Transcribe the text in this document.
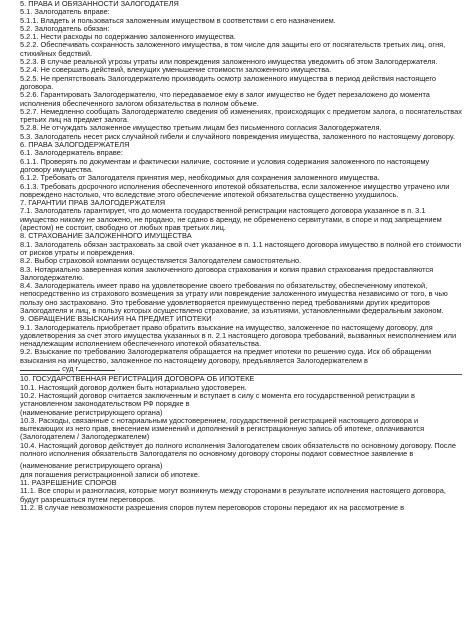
5. ПРАВА И ОБЯЗАННОСТИ ЗАЛОГОДАТЕЛЯ

5.1. Залогодатель вправе:

5.1.1. Владеть и пользоваться заложенным имуществом в соответствии с его назначением.

5.2. Залогодатель обязан:

5.2.1. Нести расходы по содержанию заложенного имущества.

5.2.2. Обеспечивать сохранность заложенного имущества, в том числе для защиты его от посягательств третьих лиц, огня, стихийных бедствий.

5.2.3. В случае реальной угрозы утраты или повреждения заложенного имущества уведомить об этом Залогодержателя.

5.2.4. Не совершать действий, влекущих уменьшение стоимости заложенного имущества.

5.2.5. Не препятствовать Залогодержателю производить осмотр заложенного имущества в период действия настоящего договора.

5.2.6. Гарантировать Залогодержателю, что передаваемое ему в залог имущество не будет перезаложено до момента исполнения обеспеченного залогом обязательства в полном объеме.

5.2.7. Немедленно сообщать Залогодержателю сведения об изменениях, происходящих с предметом залога, о посягательствах третьих лиц на предмет залога.

5.2.8. Не отчуждать заложенное имущество третьим лицам без письменного согласия Залогодержателя.

5.3. Залогодатель несет риск случайной гибели и случайного повреждения имущества, заложенного по настоящему договору.

6. ПРАВА ЗАЛОГОДЕРЖАТЕЛЯ

6.1. Залогодержатель вправе:

6.1.1. Проверять по документам и фактически наличие, состояние и условия содержания заложенного по настоящему договору имущества.

6.1.2. Требовать от Залогодателя принятия мер, необходимых для сохранения заложенного имущества.

6.1.3. Требовать досрочного исполнения обеспеченного ипотекой обязательства, если заложенное имущество утрачено или повреждено настолько, что вследствие этого обеспечение ипотекой обязательства существенно ухудшилось.

7. ГАРАНТИИ ПРАВ ЗАЛОГОДЕРЖАТЕЛЯ

7.1. Залогодатель гарантирует, что до момента государственной регистрации настоящего договора указанное в п. 3.1 имущество никому не заложено, не продано, не сдано в аренду, не обременено сервитутами, в споре и под запрещением (арестом) не состоит, свободно от любых прав третьих лиц.

8. СТРАХОВАНИЕ ЗАЛОЖЕННОГО ИМУЩЕСТВА

8.1. Залогодатель обязан застраховать за свой счет указанное в п. 1.1 настоящего договора имущество в полной его стоимости от рисков утраты и повреждения.

8.2. Выбор страховой компании осуществляется Залогодателем самостоятельно.

8.3. Нотариально заверенная копия заключенного договора страхования и копия правил страхования предоставляются Залогодержателю.

8.4. Залогодержатель имеет право на удовлетворение своего требования по обязательству, обеспеченному ипотекой, непосредственно из страхового возмещения за утрату или повреждение заложенного имущества независимо от того, в чью пользу оно застраховано. Это требование удовлетворяется преимущественно перед требованиями других кредиторов Залогодателя и лиц, в пользу которых осуществлено страхование, за изъятиями, установленными федеральным законом.

9. ОБРАЩЕНИЕ ВЗЫСКАНИЯ НА ПРЕДМЕТ ИПОТЕКИ

9.1. Залогодержатель приобретает право обратить взыскание на имущество, заложенное по настоящему договору, для удовлетворения за счет этого имущества указанных в п. 2.1 настоящего договора требований, вызванных неисполнением или ненадлежащим исполнением обеспеченного ипотекой обязательства.

9.2. Взыскание по требованию Залогодержателя обращается на предмет ипотеки по решению суда. Иск об обращении взыскания на имущество, заложенное по настоящему договору, предъявляется Залогодержателем в

суд г.

10. ГОСУДАРСТВЕННАЯ РЕГИСТРАЦИЯ ДОГОВОРА ОБ ИПОТЕКЕ

10.1. Настоящий договор должен быть нотариально удостоверен.

10.2. Настоящий договор считается заключенным и вступает в силу с момента его государственной регистрации в установленном законодательством РФ порядке в

(наименование регистрирующего органа)

10.3. Расходы, связанные с нотариальным удостоверением, государственной регистрацией настоящего договора и вытекающих из него прав, внесением изменений и дополнений в регистрационную запись об ипотеке, оплачиваются

(Залогодателем / Залогодержателем)

10.4. Настоящий договор действует до полного исполнения Залогодателем своих обязательств по основному договору. После полного исполнения обязательств Залогодателя по основному договору стороны подают совместное заявление в

(наименование регистрирующего органа)

для погашения регистрационной записи об ипотеке.

11. РАЗРЕШЕНИЕ СПОРОВ

11.1. Все споры и разногласия, которые могут возникнуть между сторонами в результате исполнения настоящего договора, будут разрешаться путем переговоров.

11.2. В случае невозможности разрешения споров путем переговоров стороны передают их на рассмотрение в
